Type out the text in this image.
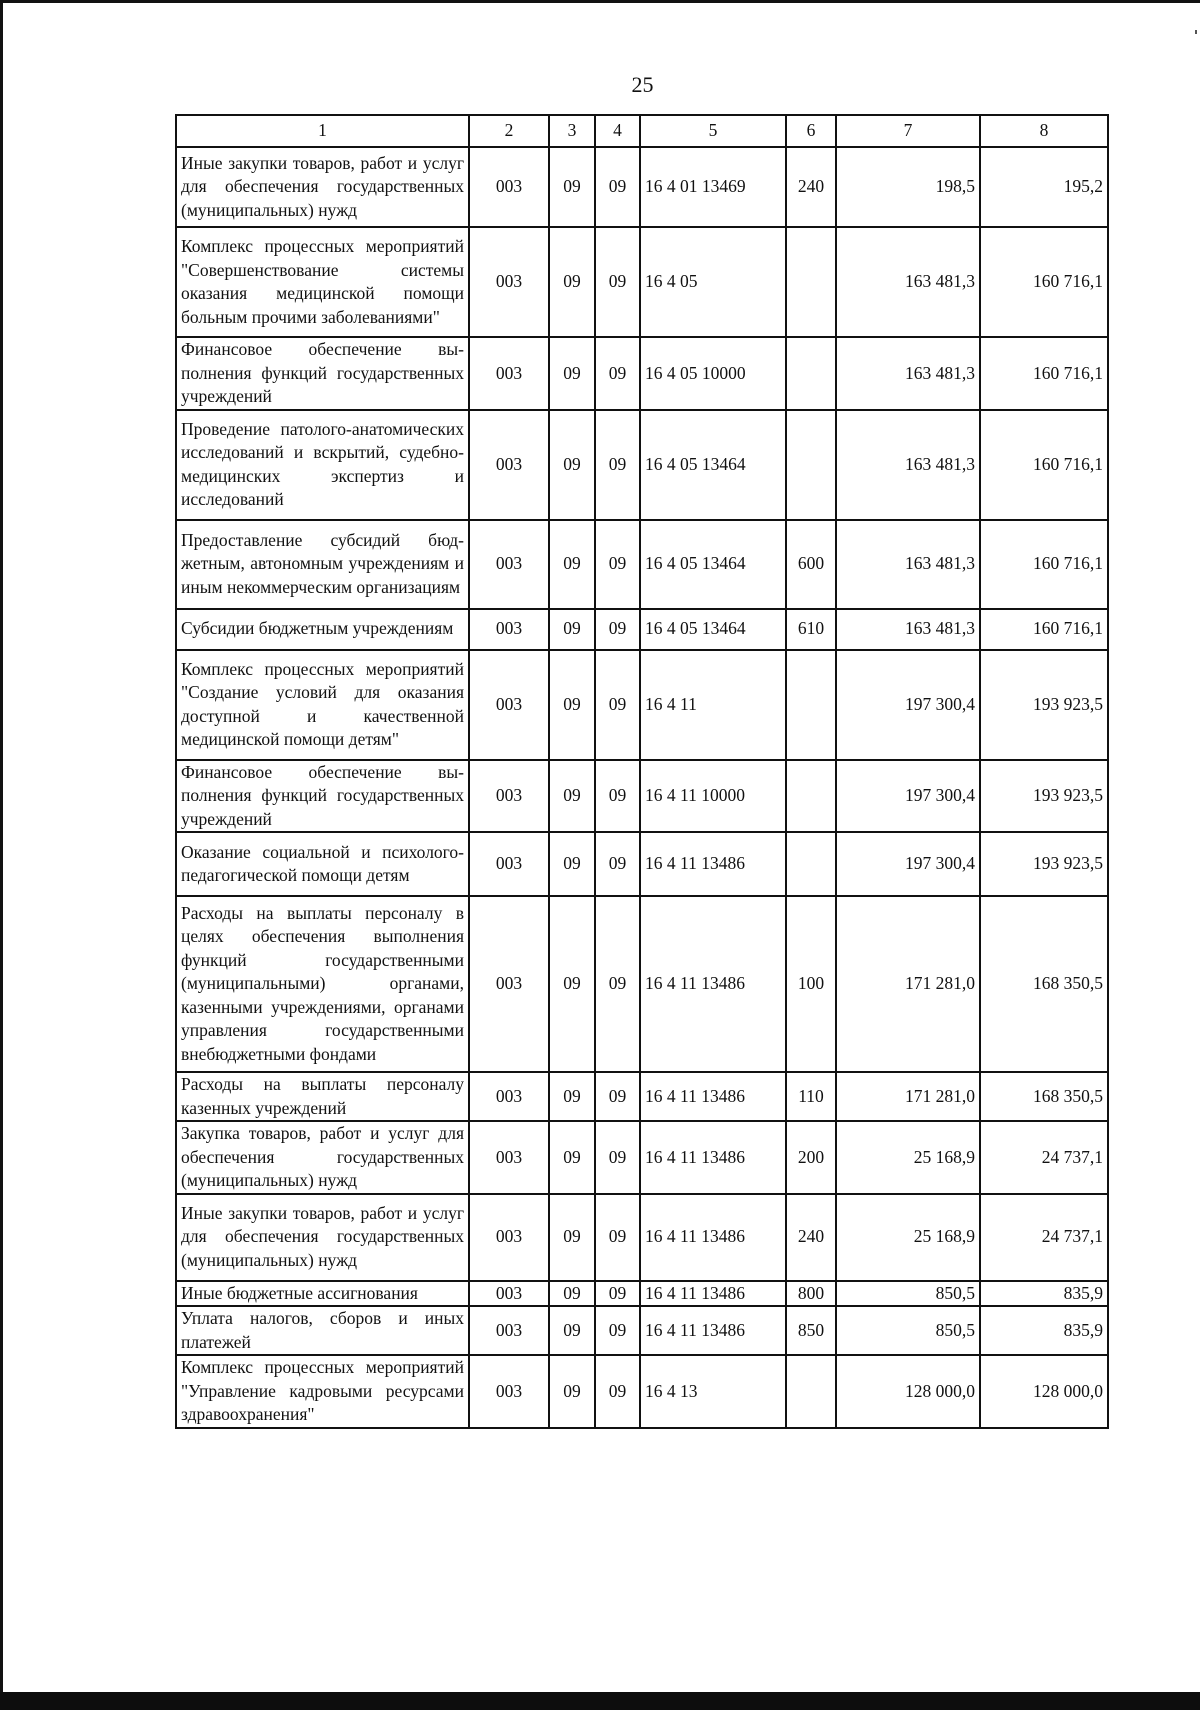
25
1	2	3	4	5	6	7	8
Иные закупки товаров, работ и услуг для обеспечения государственных (муниципальных) нужд	003	09	09	16 4 01 13469	240	198,5	195,2
Комплекс процессных мероприятий "Совершенствование системы оказания медицинской помощи больным прочими заболеваниями"	003	09	09	16 4 05		163 481,3	160 716,1
Финансовое обеспечение выполнения функций государственных учреждений	003	09	09	16 4 05 10000		163 481,3	160 716,1
Проведение патолого-анатомических исследований и вскрытий, судебно-медицинских экспертиз и исследований	003	09	09	16 4 05 13464		163 481,3	160 716,1
Предоставление субсидий бюджетным, автономным учреждениям и иным некоммерческим организациям	003	09	09	16 4 05 13464	600	163 481,3	160 716,1
Субсидии бюджетным учреждениям	003	09	09	16 4 05 13464	610	163 481,3	160 716,1
Комплекс процессных мероприятий "Создание условий для оказания доступной и качественной медицинской помощи детям"	003	09	09	16 4 11		197 300,4	193 923,5
Финансовое обеспечение выполнения функций государственных учреждений	003	09	09	16 4 11 10000		197 300,4	193 923,5
Оказание социальной и психолого-педагогической помощи детям	003	09	09	16 4 11 13486		197 300,4	193 923,5
Расходы на выплаты персоналу в целях обеспечения выполнения функций государственными (муниципальными) органами, казенными учреждениями, органами управления государственными внебюджетными фондами	003	09	09	16 4 11 13486	100	171 281,0	168 350,5
Расходы на выплаты персоналу казенных учреждений	003	09	09	16 4 11 13486	110	171 281,0	168 350,5
Закупка товаров, работ и услуг для обеспечения государственных (муниципальных) нужд	003	09	09	16 4 11 13486	200	25 168,9	24 737,1
Иные закупки товаров, работ и услуг для обеспечения государственных (муниципальных) нужд	003	09	09	16 4 11 13486	240	25 168,9	24 737,1
Иные бюджетные ассигнования	003	09	09	16 4 11 13486	800	850,5	835,9
Уплата налогов, сборов и иных платежей	003	09	09	16 4 11 13486	850	850,5	835,9
Комплекс процессных мероприятий "Управление кадровыми ресурсами здравоохранения"	003	09	09	16 4 13		128 000,0	128 000,0
